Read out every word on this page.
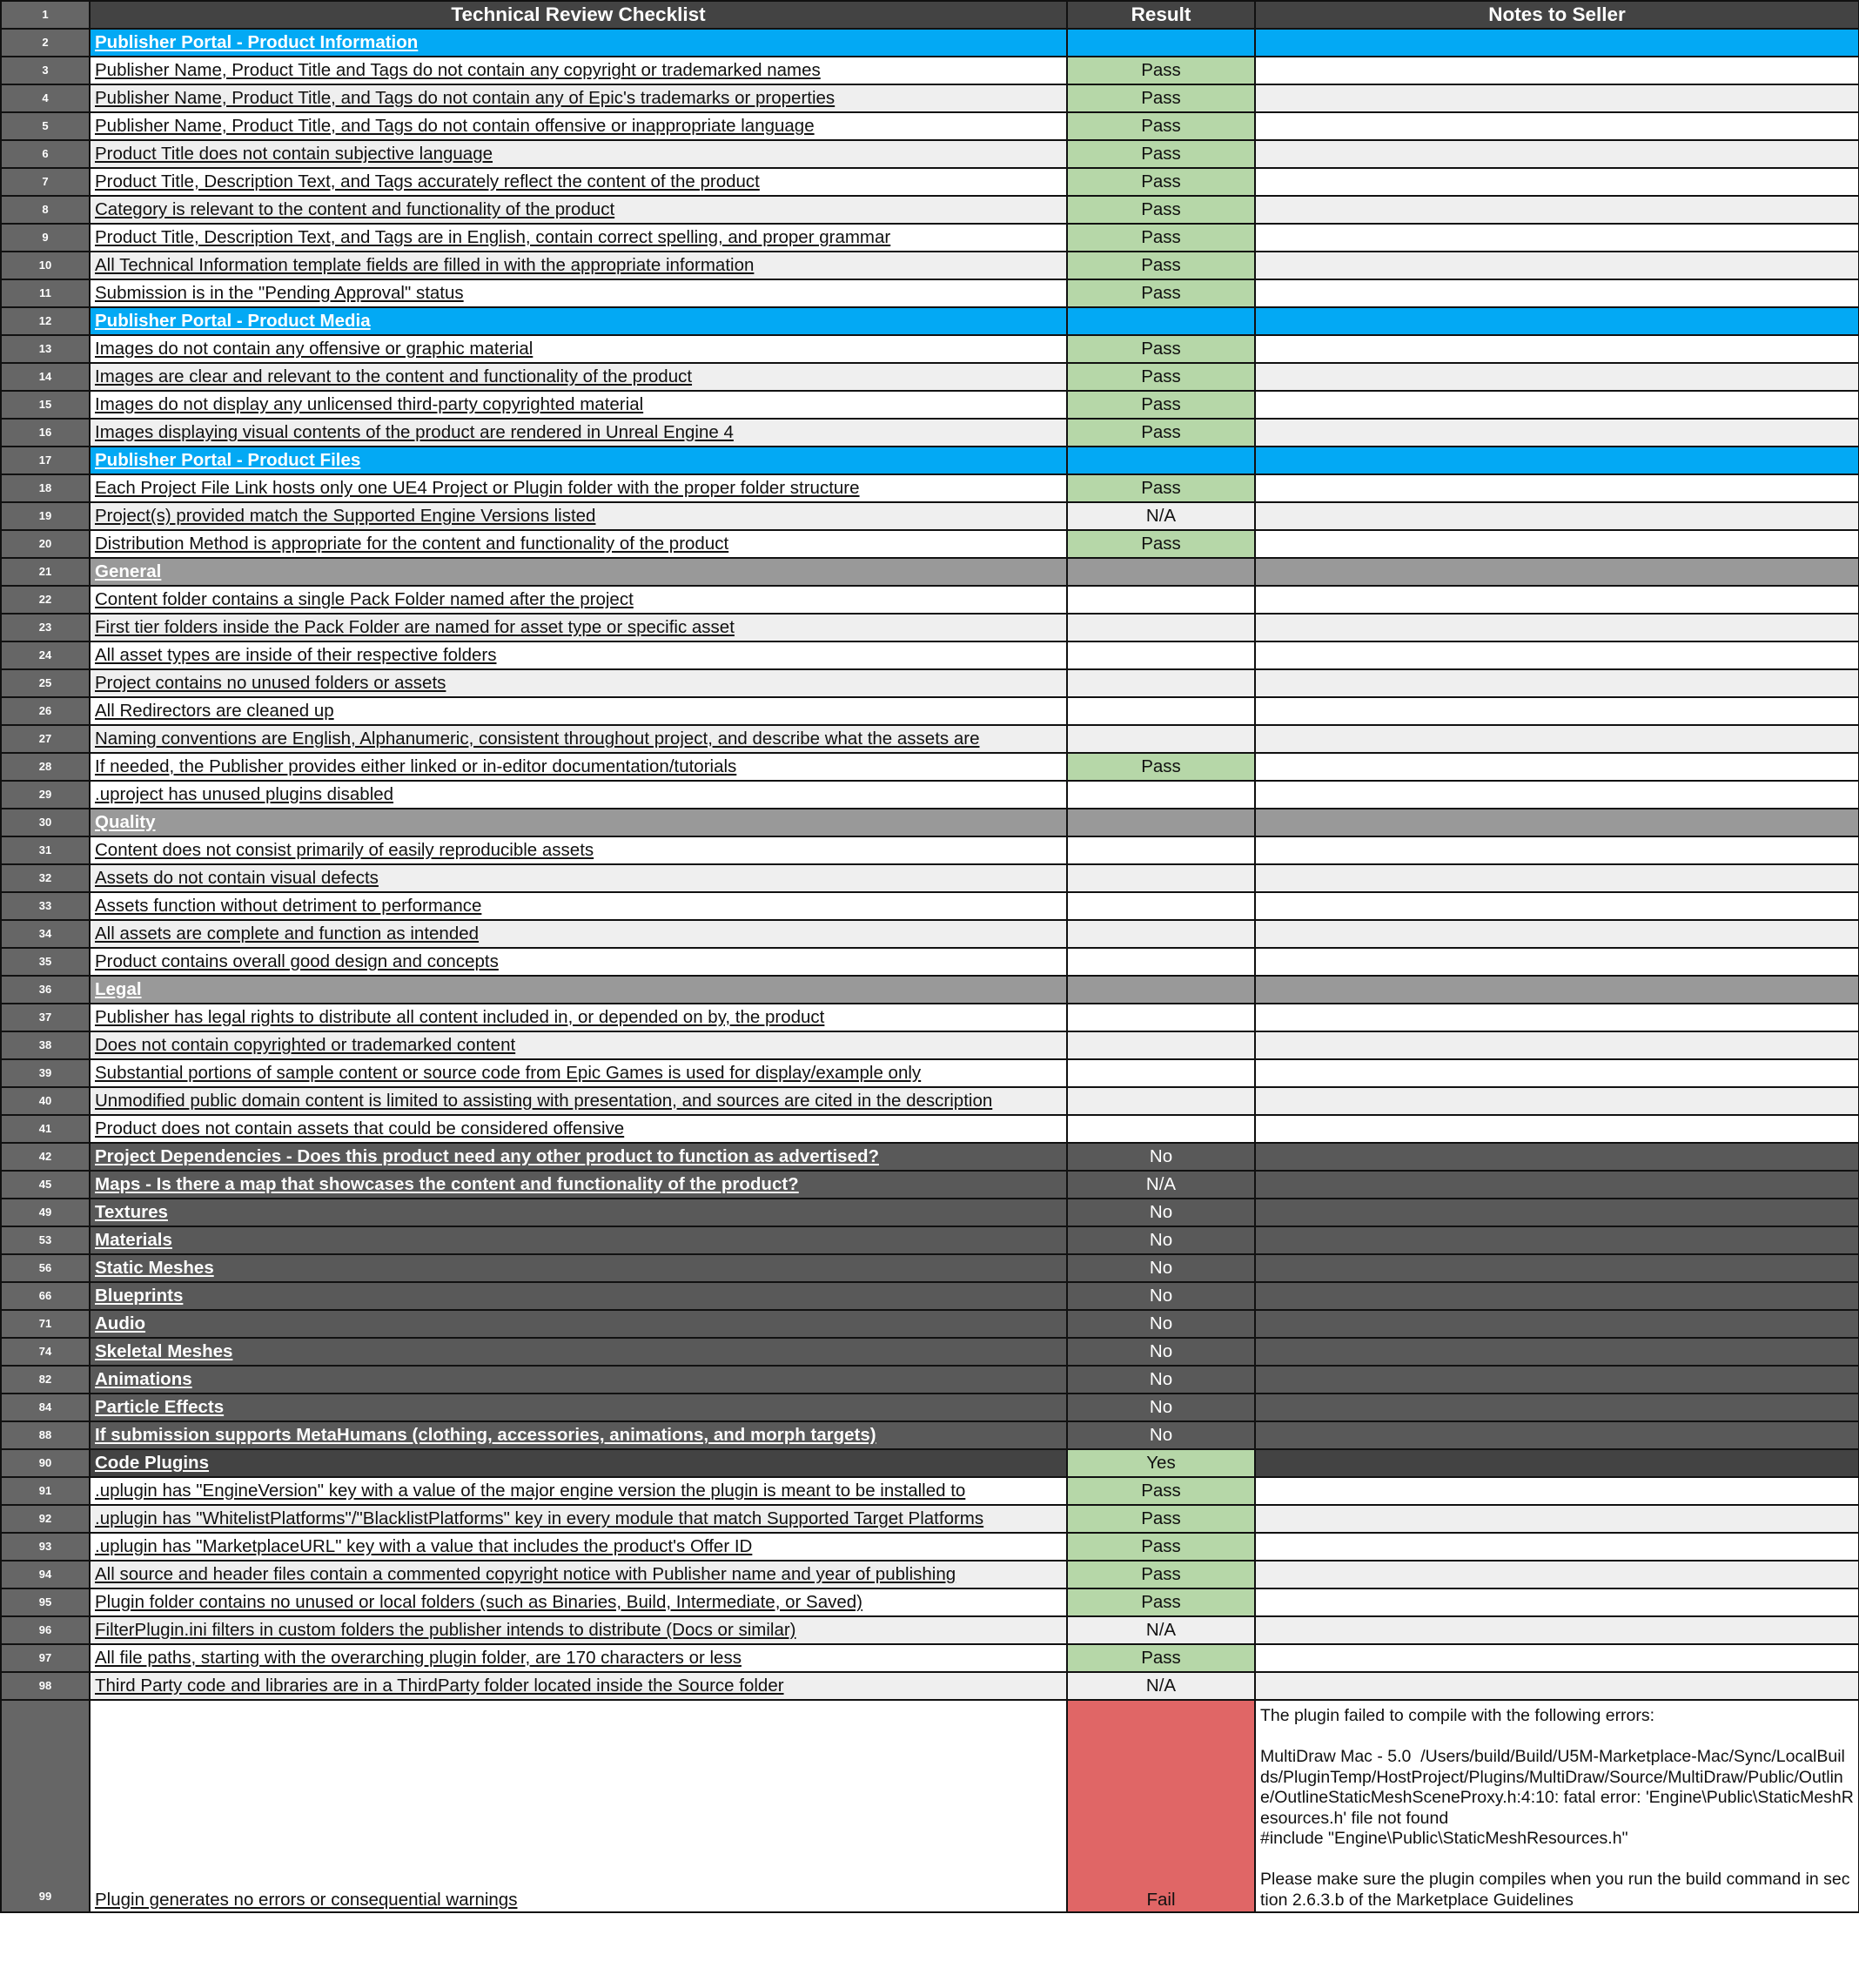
1	Technical Review Checklist	Result	Notes to Seller
2	Publisher Portal - Product Information		
3	Publisher Name, Product Title and Tags do not contain any copyright or trademarked names	Pass	
4	Publisher Name, Product Title, and Tags do not contain any of Epic's trademarks or properties	Pass	
5	Publisher Name, Product Title, and Tags do not contain offensive or inappropriate language	Pass	
6	Product Title does not contain subjective language	Pass	
7	Product Title, Description Text, and Tags accurately reflect the content of the product	Pass	
8	Category is relevant to the content and functionality of the product	Pass	
9	Product Title, Description Text, and Tags are in English, contain correct spelling, and proper grammar	Pass	
10	All Technical Information template fields are filled in with the appropriate information	Pass	
11	Submission is in the "Pending Approval" status	Pass	
12	Publisher Portal - Product Media		
13	Images do not contain any offensive or graphic material	Pass	
14	Images are clear and relevant to the content and functionality of the product	Pass	
15	Images do not display any unlicensed third-party copyrighted material	Pass	
16	Images displaying visual contents of the product are rendered in Unreal Engine 4	Pass	
17	Publisher Portal - Product Files		
18	Each Project File Link hosts only one UE4 Project or Plugin folder with the proper folder structure	Pass	
19	Project(s) provided match the Supported Engine Versions listed	N/A	
20	Distribution Method is appropriate for the content and functionality of the product	Pass	
21	General		
22	Content folder contains a single Pack Folder named after the project		
23	First tier folders inside the Pack Folder are named for asset type or specific asset		
24	All asset types are inside of their respective folders		
25	Project contains no unused folders or assets		
26	All Redirectors are cleaned up		
27	Naming conventions are English, Alphanumeric, consistent throughout project, and describe what the assets are		
28	If needed, the Publisher provides either linked or in-editor documentation/tutorials	Pass	
29	.uproject has unused plugins disabled		
30	Quality		
31	Content does not consist primarily of easily reproducible assets		
32	Assets do not contain visual defects		
33	Assets function without detriment to performance		
34	All assets are complete and function as intended		
35	Product contains overall good design and concepts		
36	Legal		
37	Publisher has legal rights to distribute all content included in, or depended on by, the product		
38	Does not contain copyrighted or trademarked content		
39	Substantial portions of sample content or source code from Epic Games is used for display/example only		
40	Unmodified public domain content is limited to assisting with presentation, and sources are cited in the description		
41	Product does not contain assets that could be considered offensive		
42	Project Dependencies - Does this product need any other product to function as advertised?	No	
45	Maps - Is there a map that showcases the content and functionality of the product?	N/A	
49	Textures	No	
53	Materials	No	
56	Static Meshes	No	
66	Blueprints	No	
71	Audio	No	
74	Skeletal Meshes	No	
82	Animations	No	
84	Particle Effects	No	
88	If submission supports MetaHumans (clothing, accessories, animations, and morph targets)	No	
90	Code Plugins	Yes	
91	.uplugin has "EngineVersion" key with a value of the major engine version the plugin is meant to be installed to	Pass	
92	.uplugin has "WhitelistPlatforms"/"BlacklistPlatforms" key in every module that match Supported Target Platforms	Pass	
93	.uplugin has "MarketplaceURL" key with a value that includes the product's Offer ID	Pass	
94	All source and header files contain a commented copyright notice with Publisher name and year of publishing	Pass	
95	Plugin folder contains no unused or local folders (such as Binaries, Build, Intermediate, or Saved)	Pass	
96	FilterPlugin.ini filters in custom folders the publisher intends to distribute (Docs or similar)	N/A	
97	All file paths, starting with the overarching plugin folder, are 170 characters or less	Pass	
98	Third Party code and libraries are in a ThirdParty folder located inside the Source folder	N/A	
99	Plugin generates no errors or consequential warnings	Fail	The plugin failed to compile with the following errors:

MultiDraw Mac - 5.0  /Users/build/Build/U5M-Marketplace-Mac/Sync/LocalBuilds/PluginTemp/HostProject/Plugins/MultiDraw/Source/MultiDraw/Public/Outline/OutlineStaticMeshSceneProxy.h:4:10: fatal error: 'Engine\Public\StaticMeshResources.h' file not found
#include "Engine\Public\StaticMeshResources.h"

Please make sure the plugin compiles when you run the build command in section 2.6.3.b of the Marketplace Guidelines
